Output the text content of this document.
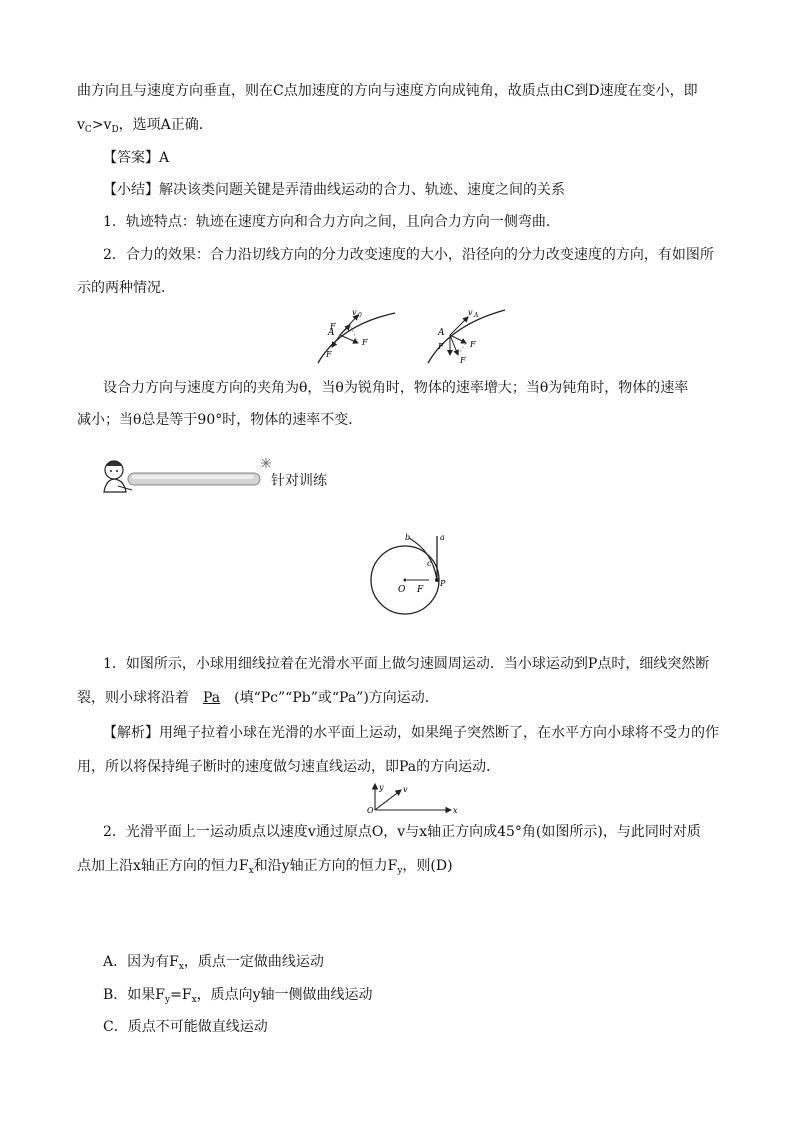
曲方向且与速度方向垂直，则在C点加速度的方向与速度方向成钝角，故质点由C到D速度在变小，即
$v_C>v_D$，选项A正确．
【答案】A
【小结】解决该类问题关键是弄清曲线运动的合力、轨迹、速度之间的关系
1．轨迹特点：轨迹在速度方向和合力方向之间，且向合力方向一侧弯曲．
2．合力的效果：合力沿切线方向的分力改变速度的大小，沿径向的分力改变速度的方向，有如图所
示的两种情况．
A
v 0
F
F
F
A
v A
F	F
F
设合力方向与速度方向的夹角为θ，当θ为锐角时，物体的速率增大；当θ为钝角时，物体的速率
减小；当θ总是等于90°时，物体的速率不变．
针对训练
a
b
c
P
O F
1．如图所示，小球用细线拉着在光滑水平面上做匀速圆周运动．当小球运动到P点时，细线突然断
裂，则小球将沿着 Pa (填“Pc”“Pb”或“Pa”)方向运动．
【解析】用绳子拉着小球在光滑的水平面上运动，如果绳子突然断了，在水平方向小球将不受力的作
用，所以将保持绳子断时的速度做匀速直线运动，即Pa的方向运动．
y v
O	x
2．光滑平面上一运动质点以速度v通过原点O，v与x轴正方向成45°角(如图所示)，与此同时对质
点加上沿x轴正方向的恒力$F_x$和沿y轴正方向的恒力$F_y$，则(D)
A．因为有$F_x$，质点一定做曲线运动
B．如果$F_y=F_x$，质点向y轴一侧做曲线运动
C．质点不可能做直线运动
